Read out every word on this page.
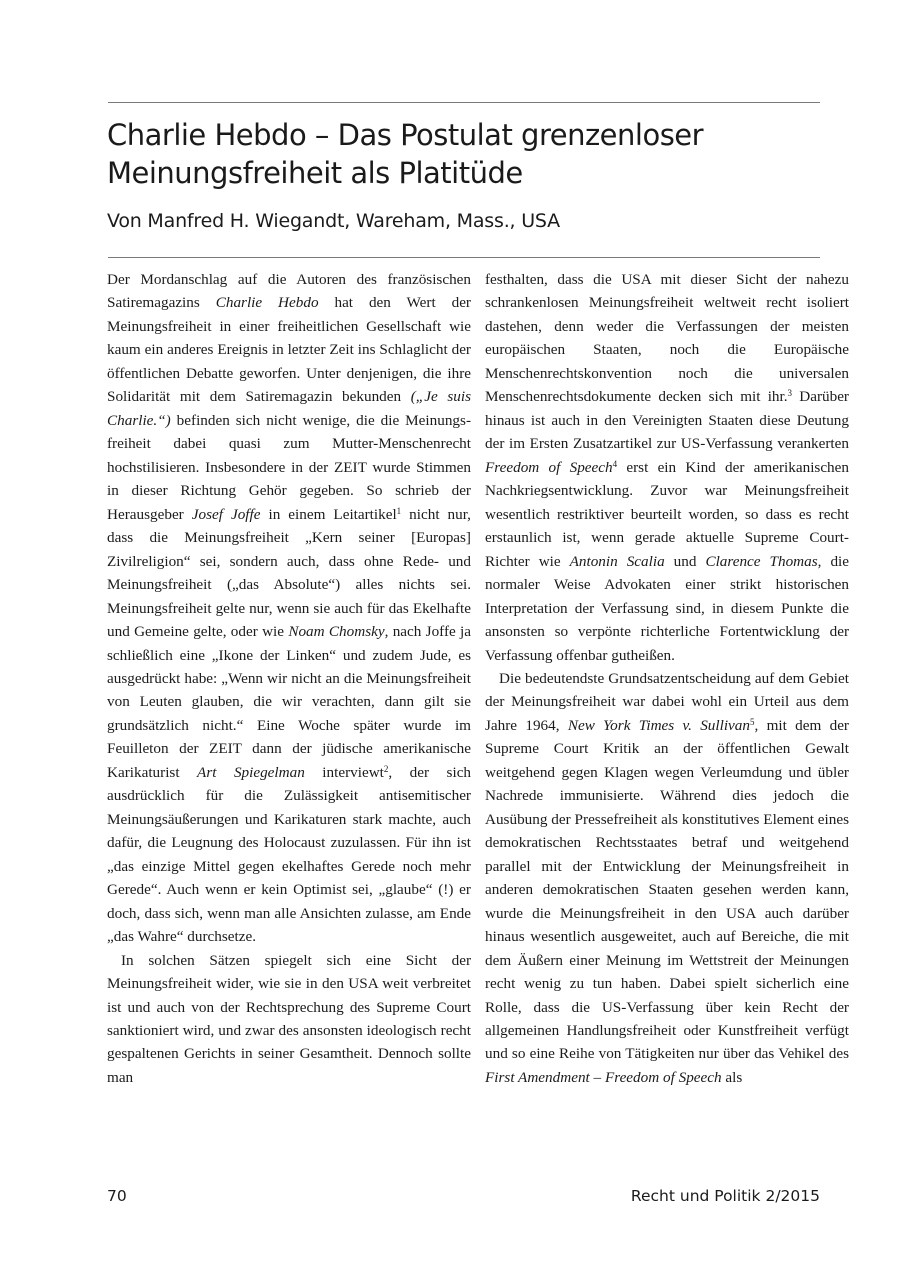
Charlie Hebdo – Das Postulat grenzenloser Meinungsfreiheit als Platitüde
Von Manfred H. Wiegandt, Wareham, Mass., USA

Der Mordanschlag auf die Autoren des französischen Satiremagazins Charlie Hebdo hat den Wert der Meinungsfreiheit in einer freiheitlichen Gesellschaft wie kaum ein anderes Ereignis in letzter Zeit ins Schlaglicht der öffentlichen Debatte geworfen. Unter denjenigen, die ihre Solidarität mit dem Satiremagazin bekunden („Je suis Charlie.“) befinden sich nicht wenige, die die Meinungsfreiheit dabei quasi zum Mutter-Menschenrecht hochstilisieren. Insbesondere in der ZEIT wurde Stimmen in dieser Richtung Gehör gegeben. So schrieb der Herausgeber Josef Joffe in einem Leitartikel$^1$ nicht nur, dass die Meinungsfreiheit „Kern seiner [Europas] Zivilreligion“ sei, sondern auch, dass ohne Rede- und Meinungsfreiheit („das Absolute“) alles nichts sei. Meinungsfreiheit gelte nur, wenn sie auch für das Ekelhafte und Gemeine gelte, oder wie Noam Chomsky, nach Joffe ja schließlich eine „Ikone der Linken“ und zudem Jude, es ausgedrückt habe: „Wenn wir nicht an die Meinungsfreiheit von Leuten glauben, die wir verachten, dann gilt sie grundsätzlich nicht.“ Eine Woche später wurde im Feuilleton der ZEIT dann der jüdische amerikanische Karikaturist Art Spiegelman interviewt$^2$, der sich ausdrücklich für die Zulässigkeit antisemitischer Meinungsäußerungen und Karikaturen stark machte, auch dafür, die Leugnung des Holocaust zuzulassen. Für ihn ist „das einzige Mittel gegen ekelhaftes Gerede noch mehr Gerede“. Auch wenn er kein Optimist sei, „glaube“ (!) er doch, dass sich, wenn man alle Ansichten zulasse, am Ende „das Wahre“ durchsetze.

In solchen Sätzen spiegelt sich eine Sicht der Meinungsfreiheit wider, wie sie in den USA weit verbreitet ist und auch von der Rechtsprechung des Supreme Court sanktioniert wird, und zwar des ansonsten ideologisch recht gespaltenen Gerichts in seiner Gesamtheit. Dennoch sollte man

festhalten, dass die USA mit dieser Sicht der nahezu schrankenlosen Meinungsfreiheit weltweit recht isoliert dastehen, denn weder die Verfassungen der meisten europäischen Staaten, noch die Europäische Menschenrechtskonvention noch die universalen Menschenrechtsdokumente decken sich mit ihr.$^3$ Darüber hinaus ist auch in den Vereinigten Staaten diese Deutung der im Ersten Zusatzartikel zur US-Verfassung verankerten Freedom of Speech$^4$ erst ein Kind der amerikanischen Nachkriegsentwicklung. Zuvor war Meinungsfreiheit wesentlich restriktiver beurteilt worden, so dass es recht erstaunlich ist, wenn gerade aktuelle Supreme Court-Richter wie Antonin Scalia und Clarence Thomas, die normaler Weise Advokaten einer strikt historischen Interpretation der Verfassung sind, in diesem Punkte die ansonsten so verpönte richterliche Fortentwicklung der Verfassung offenbar gutheißen.

Die bedeutendste Grundsatzentscheidung auf dem Gebiet der Meinungsfreiheit war dabei wohl ein Urteil aus dem Jahre 1964, New York Times v. Sullivan$^5$, mit dem der Supreme Court Kritik an der öffentlichen Gewalt weitgehend gegen Klagen wegen Verleumdung und übler Nachrede immunisierte. Während dies jedoch die Ausübung der Pressefreiheit als konstitutives Element eines demokratischen Rechtsstaates betraf und weitgehend parallel mit der Entwicklung der Meinungsfreiheit in anderen demokratischen Staaten gesehen werden kann, wurde die Meinungsfreiheit in den USA auch darüber hinaus wesentlich ausgeweitet, auch auf Bereiche, die mit dem Äußern einer Meinung im Wettstreit der Meinungen recht wenig zu tun haben. Dabei spielt sicherlich eine Rolle, dass die US-Verfassung über kein Recht der allgemeinen Handlungsfreiheit oder Kunstfreiheit verfügt und so eine Reihe von Tätigkeiten nur über das Vehikel des First Amendment – Freedom of Speech als

70	Recht und Politik 2/2015
